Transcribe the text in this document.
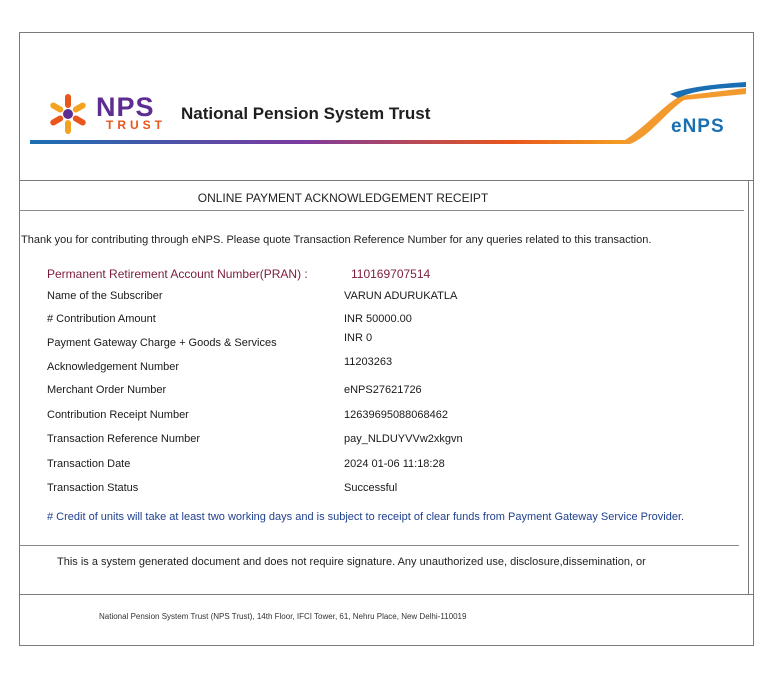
NPS
TRUST
National Pension System Trust
eNPS
ONLINE PAYMENT ACKNOWLEDGEMENT RECEIPT
Thank you for contributing through eNPS. Please quote Transaction Reference Number for any queries related to this transaction.
Permanent Retirement Account Number(PRAN) :	110169707514
Name of the Subscriber	VARUN ADURUKATLA
# Contribution Amount	INR 50000.00
Payment Gateway Charge + Goods & Services	INR 0
Acknowledgement Number	11203263
Merchant Order Number	eNPS27621726
Contribution Receipt Number	12639695088068462
Transaction Reference Number	pay_NLDUYVVw2xkgvn
Transaction Date	2024 01-06 11:18:28
Transaction Status	Successful
# Credit of units will take at least two working days and is subject to receipt of clear funds from Payment Gateway Service Provider.
This is a system generated document and does not require signature. Any unauthorized use, disclosure,dissemination, or
National Pension System Trust (NPS Trust), 14th Floor, IFCI Tower, 61, Nehru Place, New Delhi-110019
